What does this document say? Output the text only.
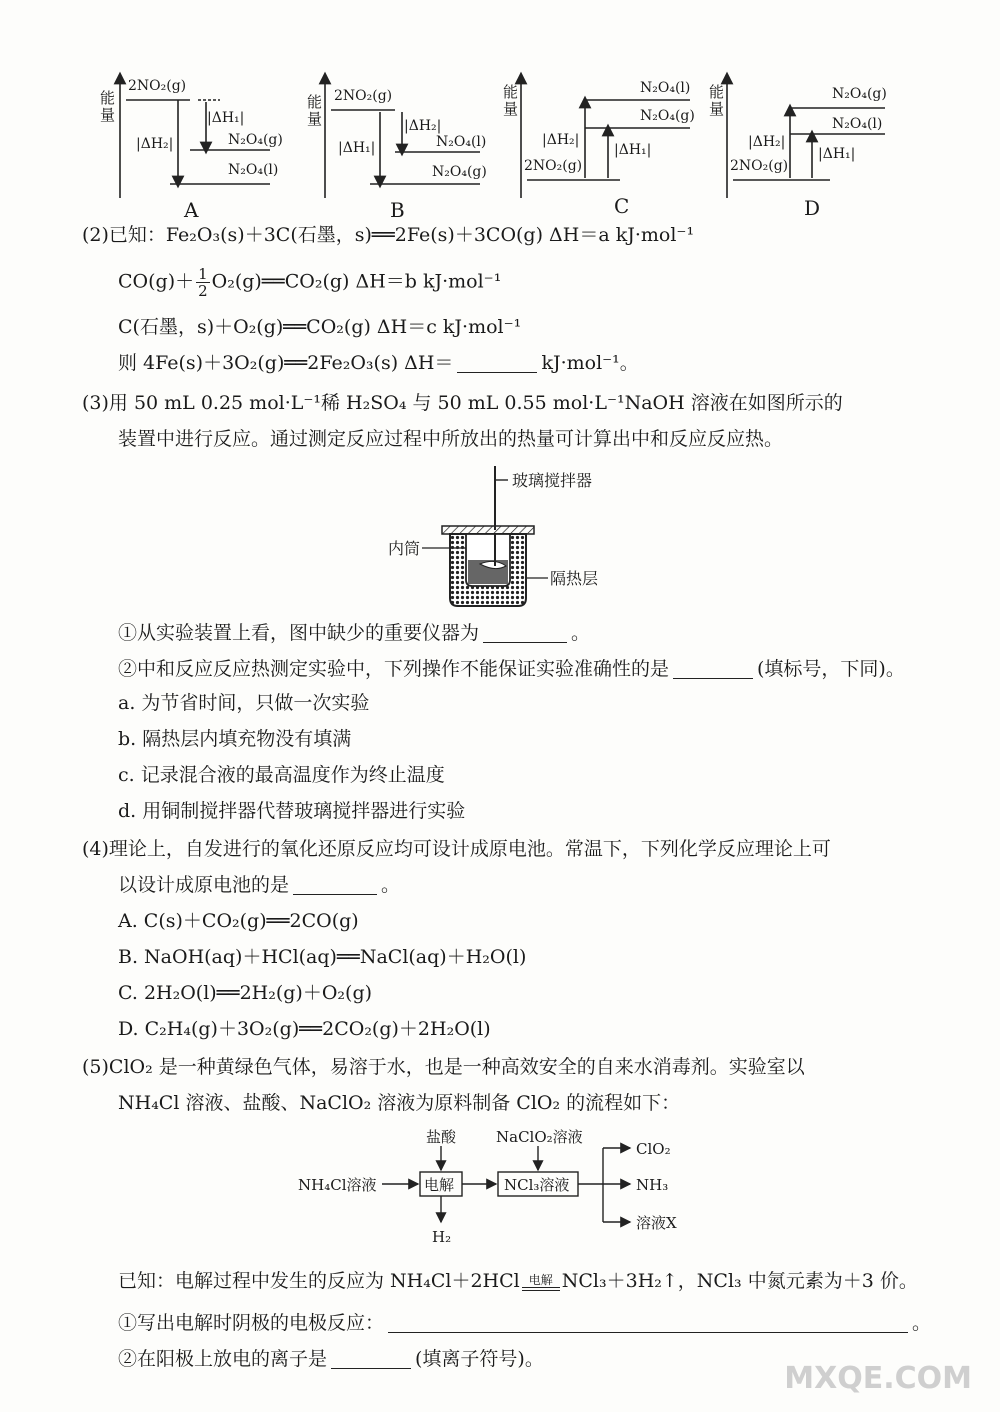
能量
2NO₂(g)
|ΔH₁|
|ΔH₂|	N₂O₄(g)
N₂O₄(l)
A
能量
2NO₂(g)
|ΔH₂|
|ΔH₁|	N₂O₄(l)
N₂O₄(g)
B
能量
N₂O₄(l)
N₂O₄(g)
|ΔH₂|
|ΔH₁|
2NO₂(g)
C
能量
N₂O₄(g)
N₂O₄(l)
|ΔH₂|
|ΔH₁|
2NO₂(g)
D
(2)已知：Fe₂O₃(s)＋3C(石墨，s)══2Fe(s)＋3CO(g) ΔH＝a kJ·mol⁻¹
$CO(g)+ \frac{1}{2}$ O₂(g)══CO₂(g) ΔH＝b kJ·mol⁻¹
C(石墨，s)＋O₂(g)══CO₂(g) ΔH＝c kJ·mol⁻¹
则 4Fe(s)＋3O₂(g)══2Fe₂O₃(s) ΔH＝	kJ·mol⁻¹。
(3)用 50 mL 0.25 mol·L⁻¹稀 H₂SO₄ 与 50 mL 0.55 mol·L⁻¹NaOH 溶液在如图所示的
装置中进行反应。通过测定反应过程中所放出的热量可计算出中和反应反应热。
玻璃搅拌器
内筒
隔热层
①从实验装置上看，图中缺少的重要仪器为	。
②中和反应反应热测定实验中，下列操作不能保证实验准确性的是	(填标号，下同)。
a. 为节省时间，只做一次实验
b. 隔热层内填充物没有填满
c. 记录混合液的最高温度作为终止温度
d. 用铜制搅拌器代替玻璃搅拌器进行实验
(4)理论上，自发进行的氧化还原反应均可设计成原电池。常温下，下列化学反应理论上可
以设计成原电池的是	。
A. C(s)＋CO₂(g)══2CO(g)
B. NaOH(aq)＋HCl(aq)══NaCl(aq)＋H₂O(l)
C. 2H₂O(l)══2H₂(g)＋O₂(g)
D. C₂H₄(g)＋3O₂(g)══2CO₂(g)＋2H₂O(l)
(5)ClO₂ 是一种黄绿色气体，易溶于水，也是一种高效安全的自来水消毒剂。实验室以
NH₄Cl 溶液、盐酸、NaClO₂ 溶液为原料制备 ClO₂ 的流程如下：
盐酸	NaClO₂溶液
NH₄Cl溶液	电解	NCl₃溶液
H₂
ClO₂
NH₃
溶液X
已知：电解过程中发生的反应为 NH₄Cl＋2HCl 电解 NCl₃＋3H₂↑，NCl₃ 中氮元素为＋3 价。
①写出电解时阴极的电极反应：	。
②在阳极上放电的离子是	(填离子符号)。
MXQE.COM
